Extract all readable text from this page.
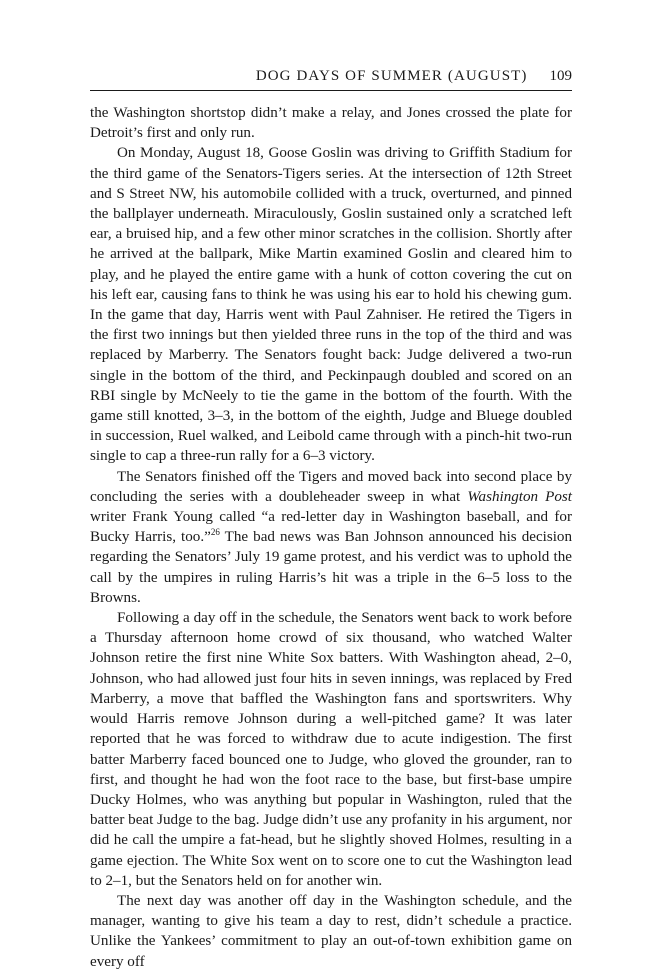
DOG DAYS OF SUMMER (AUGUST) 109

the Washington shortstop didn’t make a relay, and Jones crossed the plate for Detroit’s first and only run.

On Monday, August 18, Goose Goslin was driving to Griffith Stadium for the third game of the Senators-Tigers series. At the intersection of 12th Street and S Street NW, his automobile collided with a truck, overturned, and pinned the ballplayer underneath. Miraculously, Goslin sustained only a scratched left ear, a bruised hip, and a few other minor scratches in the collision. Shortly after he arrived at the ballpark, Mike Martin examined Goslin and cleared him to play, and he played the entire game with a hunk of cotton covering the cut on his left ear, causing fans to think he was using his ear to hold his chewing gum. In the game that day, Harris went with Paul Zahniser. He retired the Tigers in the first two innings but then yielded three runs in the top of the third and was replaced by Marberry. The Senators fought back: Judge delivered a two-run single in the bottom of the third, and Peckinpaugh doubled and scored on an RBI single by McNeely to tie the game in the bottom of the fourth. With the game still knotted, 3–3, in the bottom of the eighth, Judge and Bluege doubled in succession, Ruel walked, and Leibold came through with a pinch-hit two-run single to cap a three-run rally for a 6–3 victory.

The Senators finished off the Tigers and moved back into second place by concluding the series with a doubleheader sweep in what Washington Post writer Frank Young called “a red-letter day in Washington baseball, and for Bucky Harris, too.”$^{26}$ The bad news was Ban Johnson announced his decision regarding the Senators’ July 19 game protest, and his verdict was to uphold the call by the umpires in ruling Harris’s hit was a triple in the 6–5 loss to the Browns.

Following a day off in the schedule, the Senators went back to work before a Thursday afternoon home crowd of six thousand, who watched Walter Johnson retire the first nine White Sox batters. With Washington ahead, 2–0, Johnson, who had allowed just four hits in seven innings, was replaced by Fred Marberry, a move that baffled the Washington fans and sportswriters. Why would Harris remove Johnson during a well-pitched game? It was later reported that he was forced to withdraw due to acute indigestion. The first batter Marberry faced bounced one to Judge, who gloved the grounder, ran to first, and thought he had won the foot race to the base, but first-base umpire Ducky Holmes, who was anything but popular in Washington, ruled that the batter beat Judge to the bag. Judge didn’t use any profanity in his argument, nor did he call the umpire a fat-head, but he slightly shoved Holmes, resulting in a game ejection. The White Sox went on to score one to cut the Washington lead to 2–1, but the Senators held on for another win.

The next day was another off day in the Washington schedule, and the manager, wanting to give his team a day to rest, didn’t schedule a practice. Unlike the Yankees’ commitment to play an out-of-town exhibition game on every off
